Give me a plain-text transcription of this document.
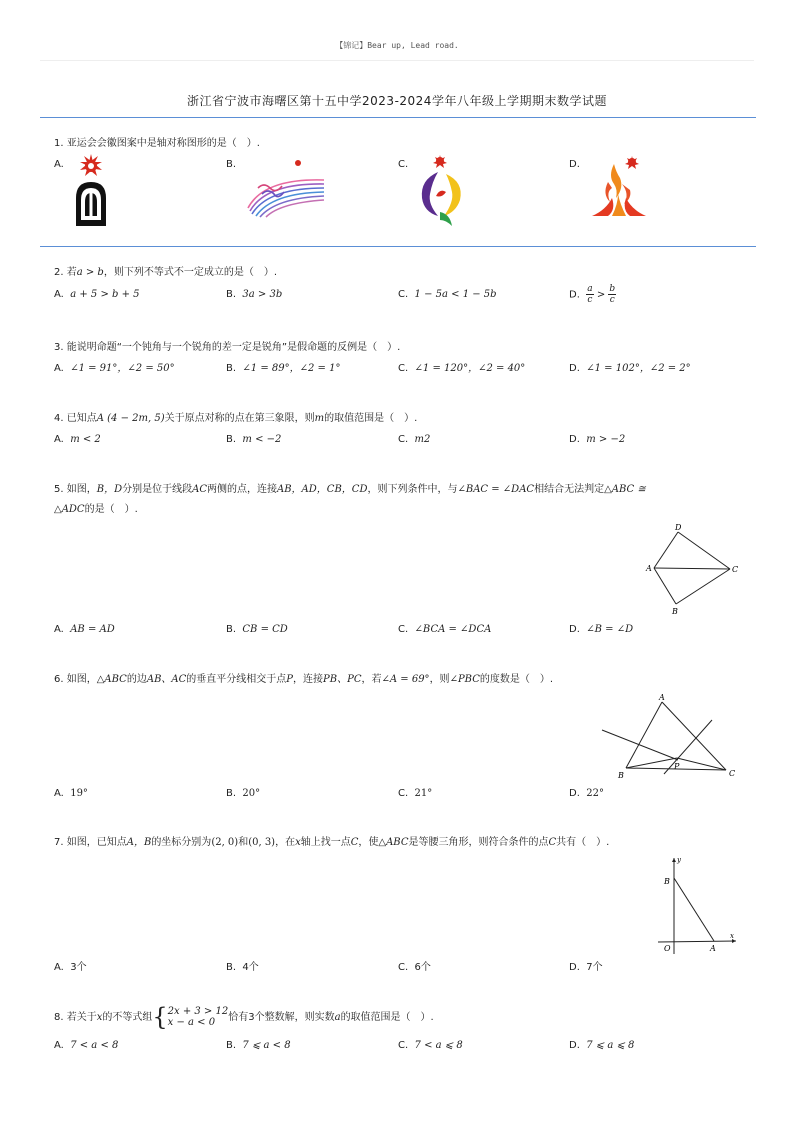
【锦记】Bear up, Lead road.
浙江省宁波市海曙区第十五中学2023-2024学年八年级上学期期末数学试题
1. 亚运会会徽图案中是轴对称图形的是（　）.
A.	B.	C.	D.
2. 若a > b，则下列不等式不一定成立的是（　）.
A. a + 5 > b + 5	B. 3a > 3b	C. 1 − 5a < 1 − 5b	D. $\frac{a}{c} > \frac{b}{c}$
3. 能说明命题“一个钝角与一个锐角的差一定是锐角”是假命题的反例是（　）.
A. ∠1 = 91°，∠2 = 50°	B. ∠1 = 89°，∠2 = 1°	C. ∠1 = 120°，∠2 = 40°	D. ∠1 = 102°，∠2 = 2°
4. 已知点A (4 − 2m, 5)关于原点对称的点在第三象限，则m的取值范围是（　）.
A. m < 2	B. m < −2	C. m2	D. m > −2
5. 如图，B，D分别是位于线段AC两侧的点，连接AB，AD，CB，CD，则下列条件中，与∠BAC = ∠DAC相结合无法判定△ABC ≅
△ADC的是（　）.
D
A	C
B
A. AB = AD	B. CB = CD	C. ∠BCA = ∠DCA	D. ∠B = ∠D
6. 如图，△ABC的边AB、AC的垂直平分线相交于点P，连接PB、PC，若∠A = 69°，则∠PBC的度数是（　）.
A
B	C
P
A. 19°	B. 20°	C. 21°	D. 22°
7. 如图，已知点A，B的坐标分别为(2, 0)和(0, 3)，在x轴上找一点C，使△ABC是等腰三角形，则符合条件的点C共有（　）.
y
x
B
O	A
A. 3个	B. 4个	C. 6个	D. 7个
8. 若关于x的不等式组{ 2x + 3 > 12
x − a < 0	恰有3个整数解，则实数a的取值范围是（　）.
A. 7 < a < 8	B. 7 ⩽ a < 8	C. 7 < a ⩽ 8	D. 7 ⩽ a ⩽ 8
